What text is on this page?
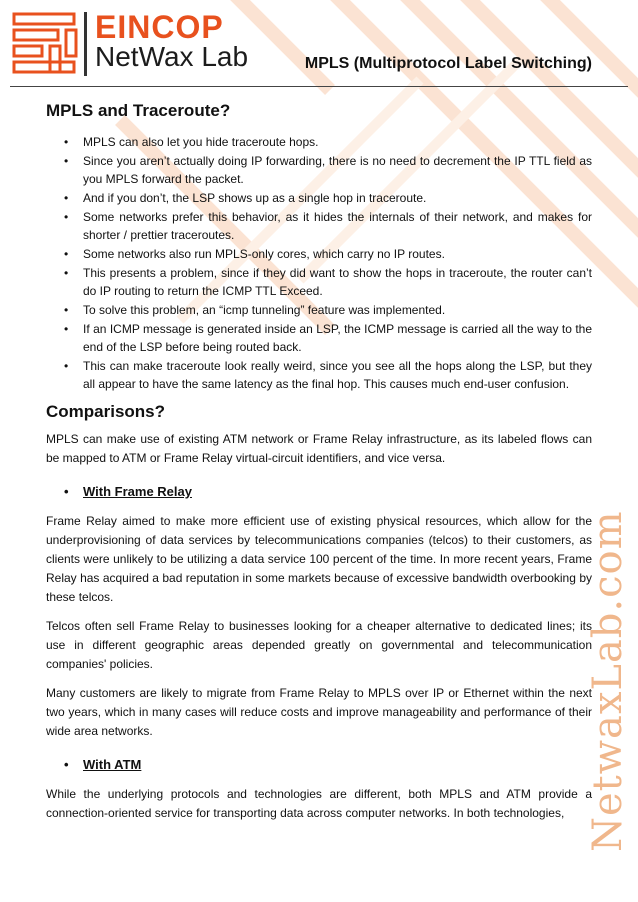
NetwaxLab.com
EINCOP
NetWax Lab	MPLS (Multiprotocol Label Switching)
MPLS and Traceroute?
• MPLS can also let you hide traceroute hops.
• Since you aren’t actually doing IP forwarding, there is no need to decrement the IP TTL field as you MPLS forward the packet.
• And if you don’t, the LSP shows up as a single hop in traceroute.
• Some networks prefer this behavior, as it hides the internals of their network, and makes for shorter / prettier traceroutes.
• Some networks also run MPLS-only cores, which carry no IP routes.
• This presents a problem, since if they did want to show the hops in traceroute, the router can’t do IP routing to return the ICMP TTL Exceed.
• To solve this problem, an “icmp tunneling” feature was implemented.
• If an ICMP message is generated inside an LSP, the ICMP message is carried all the way to the end of the LSP before being routed back.
• This can make traceroute look really weird, since you see all the hops along the LSP, but they all appear to have the same latency as the final hop. This causes much end-user confusion.
Comparisons?

MPLS can make use of existing ATM network or Frame Relay infrastructure, as its labeled flows can be mapped to ATM or Frame Relay virtual-circuit identifiers, and vice versa.

• With Frame Relay

Frame Relay aimed to make more efficient use of existing physical resources, which allow for the underprovisioning of data services by telecommunications companies (telcos) to their customers, as clients were unlikely to be utilizing a data service 100 percent of the time. In more recent years, Frame Relay has acquired a bad reputation in some markets because of excessive bandwidth overbooking by these telcos.

Telcos often sell Frame Relay to businesses looking for a cheaper alternative to dedicated lines; its use in different geographic areas depended greatly on governmental and telecommunication companies' policies.

Many customers are likely to migrate from Frame Relay to MPLS over IP or Ethernet within the next two years, which in many cases will reduce costs and improve manageability and performance of their wide area networks.

• With ATM

While the underlying protocols and technologies are different, both MPLS and ATM provide a connection-oriented service for transporting data across computer networks. In both technologies,
